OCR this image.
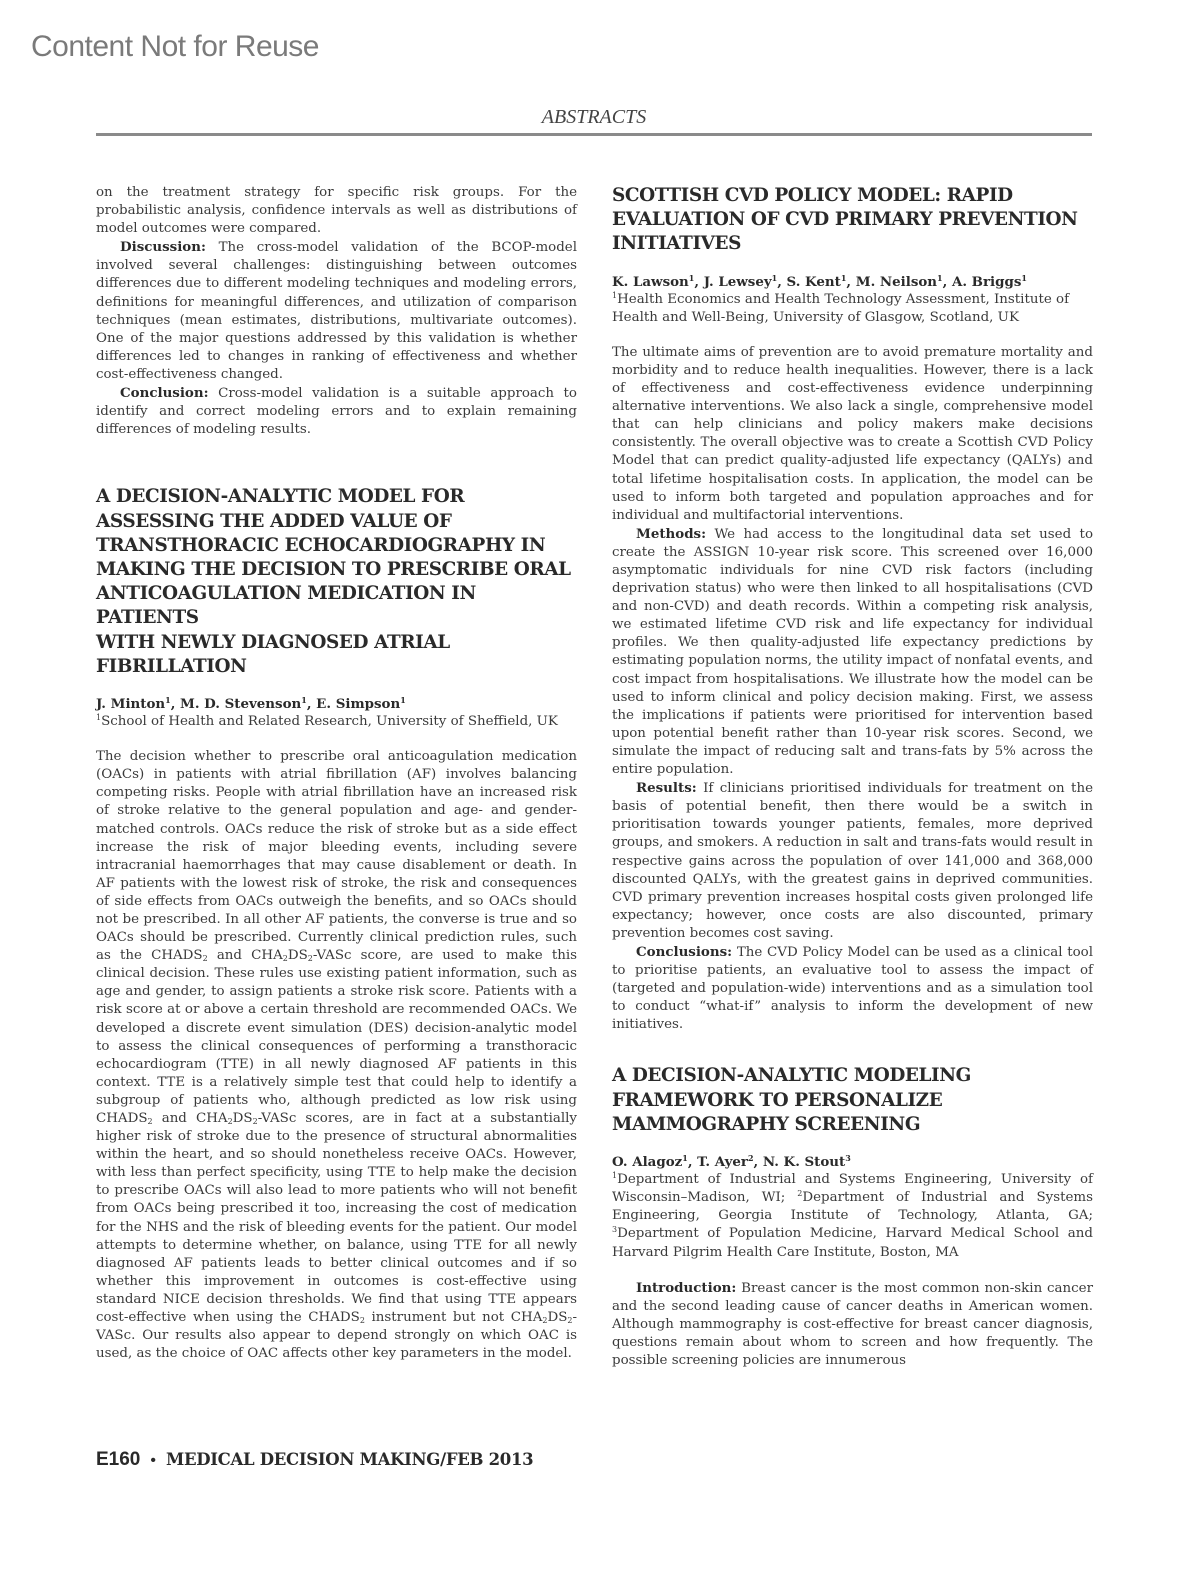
Content Not for Reuse
ABSTRACTS

on the treatment strategy for specific risk groups. For the probabilistic analysis, confidence intervals as well as distributions of model outcomes were compared.

Discussion: The cross-model validation of the BCOP-model involved several challenges: distinguishing between outcomes differences due to different modeling techniques and modeling errors, definitions for meaningful differences, and utilization of comparison techniques (mean estimates, distributions, multivariate outcomes). One of the major questions addressed by this validation is whether differences led to changes in ranking of effectiveness and whether cost-effectiveness changed.

Conclusion: Cross-model validation is a suitable approach to identify and correct modeling errors and to explain remaining differences of modeling results.

A DECISION-ANALYTIC MODEL FOR
ASSESSING THE ADDED VALUE OF
TRANSTHORACIC ECHOCARDIOGRAPHY IN
MAKING THE DECISION TO PRESCRIBE ORAL
ANTICOAGULATION MEDICATION IN PATIENTS
WITH NEWLY DIAGNOSED ATRIAL
FIBRILLATION

J. Minton$^1$, M. D. Stevenson$^1$, E. Simpson$^1$

$^1$School of Health and Related Research, University of Sheffield, UK

The decision whether to prescribe oral anticoagulation medication (OACs) in patients with atrial fibrillation (AF) involves balancing competing risks. People with atrial fibrillation have an increased risk of stroke relative to the general population and age- and gender-matched controls. OACs reduce the risk of stroke but as a side effect increase the risk of major bleeding events, including severe intracranial haemorrhages that may cause disablement or death. In AF patients with the lowest risk of stroke, the risk and consequences of side effects from OACs outweigh the benefits, and so OACs should not be prescribed. In all other AF patients, the converse is true and so OACs should be prescribed. Currently clinical prediction rules, such as the $CHADS_2$ and $CHA_2DS_2$-VASc score, are used to make this clinical decision. These rules use existing patient information, such as age and gender, to assign patients a stroke risk score. Patients with a risk score at or above a certain threshold are recommended OACs. We developed a discrete event simulation (DES) decision-analytic model to assess the clinical consequences of performing a transthoracic echocardiogram (TTE) in all newly diagnosed AF patients in this context. TTE is a relatively simple test that could help to identify a subgroup of patients who, although predicted as low risk using $CHADS_2$ and $CHA_2DS_2$-VASc scores, are in fact at a substantially higher risk of stroke due to the presence of structural abnormalities within the heart, and so should nonetheless receive OACs. However, with less than perfect specificity, using TTE to help make the decision to prescribe OACs will also lead to more patients who will not benefit from OACs being prescribed it too, increasing the cost of medication for the NHS and the risk of bleeding events for the patient. Our model attempts to determine whether, on balance, using TTE for all newly diagnosed AF patients leads to better clinical outcomes and if so whether this improvement in outcomes is cost-effective using standard NICE decision thresholds. We find that using TTE appears cost-effective when using the $CHADS_2$ instrument but not $CHA_2DS_2$-VASc. Our results also appear to depend strongly on which OAC is used, as the choice of OAC affects other key parameters in the model.

SCOTTISH CVD POLICY MODEL: RAPID
EVALUATION OF CVD PRIMARY PREVENTION
INITIATIVES

K. Lawson$^1$, J. Lewsey$^1$, S. Kent$^1$, M. Neilson$^1$, A. Briggs$^1$

$^1$Health Economics and Health Technology Assessment, Institute of Health and Well-Being, University of Glasgow, Scotland, UK

The ultimate aims of prevention are to avoid premature mortality and morbidity and to reduce health inequalities. However, there is a lack of effectiveness and cost-effectiveness evidence underpinning alternative interventions. We also lack a single, comprehensive model that can help clinicians and policy makers make decisions consistently. The overall objective was to create a Scottish CVD Policy Model that can predict quality-adjusted life expectancy (QALYs) and total lifetime hospitalisation costs. In application, the model can be used to inform both targeted and population approaches and for individual and multifactorial interventions.

Methods: We had access to the longitudinal data set used to create the ASSIGN 10-year risk score. This screened over 16,000 asymptomatic individuals for nine CVD risk factors (including deprivation status) who were then linked to all hospitalisations (CVD and non-CVD) and death records. Within a competing risk analysis, we estimated lifetime CVD risk and life expectancy for individual profiles. We then quality-adjusted life expectancy predictions by estimating population norms, the utility impact of nonfatal events, and cost impact from hospitalisations. We illustrate how the model can be used to inform clinical and policy decision making. First, we assess the implications if patients were prioritised for intervention based upon potential benefit rather than 10-year risk scores. Second, we simulate the impact of reducing salt and trans-fats by 5% across the entire population.

Results: If clinicians prioritised individuals for treatment on the basis of potential benefit, then there would be a switch in prioritisation towards younger patients, females, more deprived groups, and smokers. A reduction in salt and trans-fats would result in respective gains across the population of over 141,000 and 368,000 discounted QALYs, with the greatest gains in deprived communities. CVD primary prevention increases hospital costs given prolonged life expectancy; however, once costs are also discounted, primary prevention becomes cost saving.

Conclusions: The CVD Policy Model can be used as a clinical tool to prioritise patients, an evaluative tool to assess the impact of (targeted and population-wide) interventions and as a simulation tool to conduct “what-if” analysis to inform the development of new initiatives.

A DECISION-ANALYTIC MODELING
FRAMEWORK TO PERSONALIZE
MAMMOGRAPHY SCREENING

O. Alagoz$^1$, T. Ayer$^2$, N. K. Stout$^3$

$^1$Department of Industrial and Systems Engineering, University of Wisconsin–Madison, WI; $^2$Department of Industrial and Systems Engineering, Georgia Institute of Technology, Atlanta, GA; $^3$Department of Population Medicine, Harvard Medical School and Harvard Pilgrim Health Care Institute, Boston, MA

Introduction: Breast cancer is the most common non-skin cancer and the second leading cause of cancer deaths in American women. Although mammography is cost-effective for breast cancer diagnosis, questions remain about whom to screen and how frequently. The possible screening policies are innumerous

E160 • MEDICAL DECISION MAKING/FEB 2013
